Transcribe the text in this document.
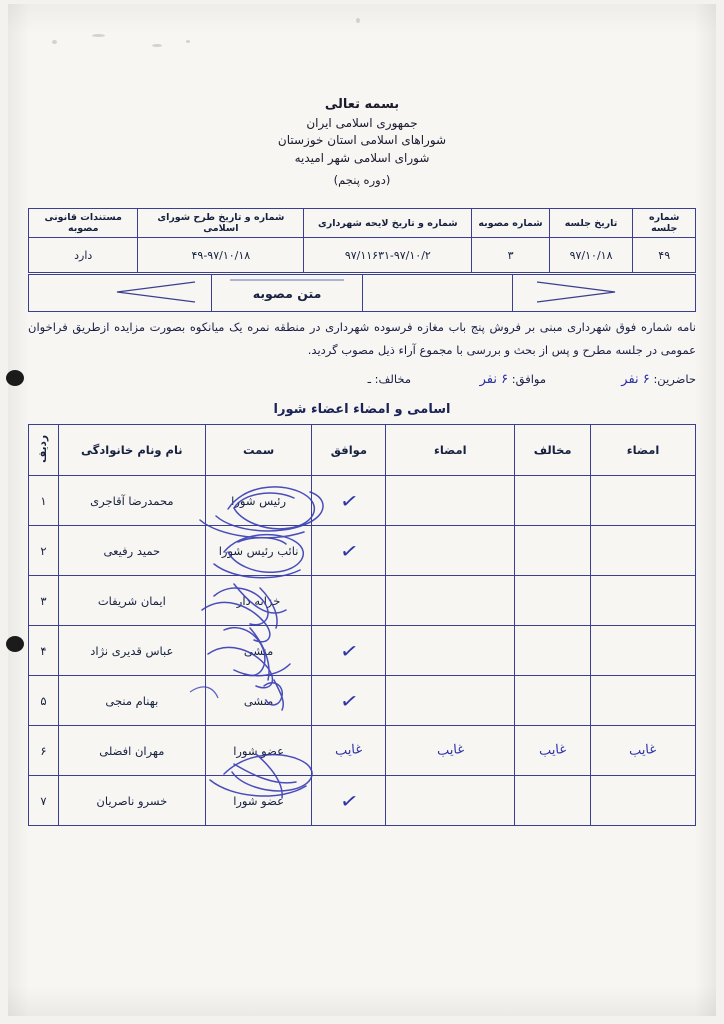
بسمه تعالی
جمهوری اسلامی ایران
شوراهای اسلامی استان خوزستان
شورای اسلامی شهر امیدیه
(دوره پنجم)
شماره جلسه	تاریخ جلسه	شماره مصوبه	شماره و تاریخ لایحه شهرداری	شماره و تاریخ طرح شورای اسلامی	مستندات قانونی مصوبه
۴۹	۹۷/۱۰/۱۸	۳	۹۷/۱۱۶۳۱-۹۷/۱۰/۲	۴۹-۹۷/۱۰/۱۸	دارد
		متن مصوبه

نامه شماره فوق شهرداری مبنی بر فروش پنج باب مغازه فرسوده شهرداری در منطقه نمره یک میانکوه بصورت مزایده ازطریق فراخوان عمومی در جلسه مطرح و پس از بحث و بررسی با مجموع آراء ذیل مصوب گردید.
حاضرین: ۶ نفر
موافق: ۶ نفر
مخالف: ـ
اسامی و امضاء اعضاء شورا
امضاء	مخالف	امضاء	موافق	سمت	نام ونام خانوادگی	ردیف
			✓	رئیس شورا	محمدرضا آقاجری	۱
			✓	نائب رئیس شورا	حمید رفیعی	۲
				خزانه دار	ایمان شریفات	۳
			✓	منشی	عباس قدیری نژاد	۴
			✓	منشی	بهنام منجی	۵
غایب	غایب	غایب	غایب	عضو شورا	مهران افضلی	۶
			✓	عضو شورا	خسرو ناصریان	۷
